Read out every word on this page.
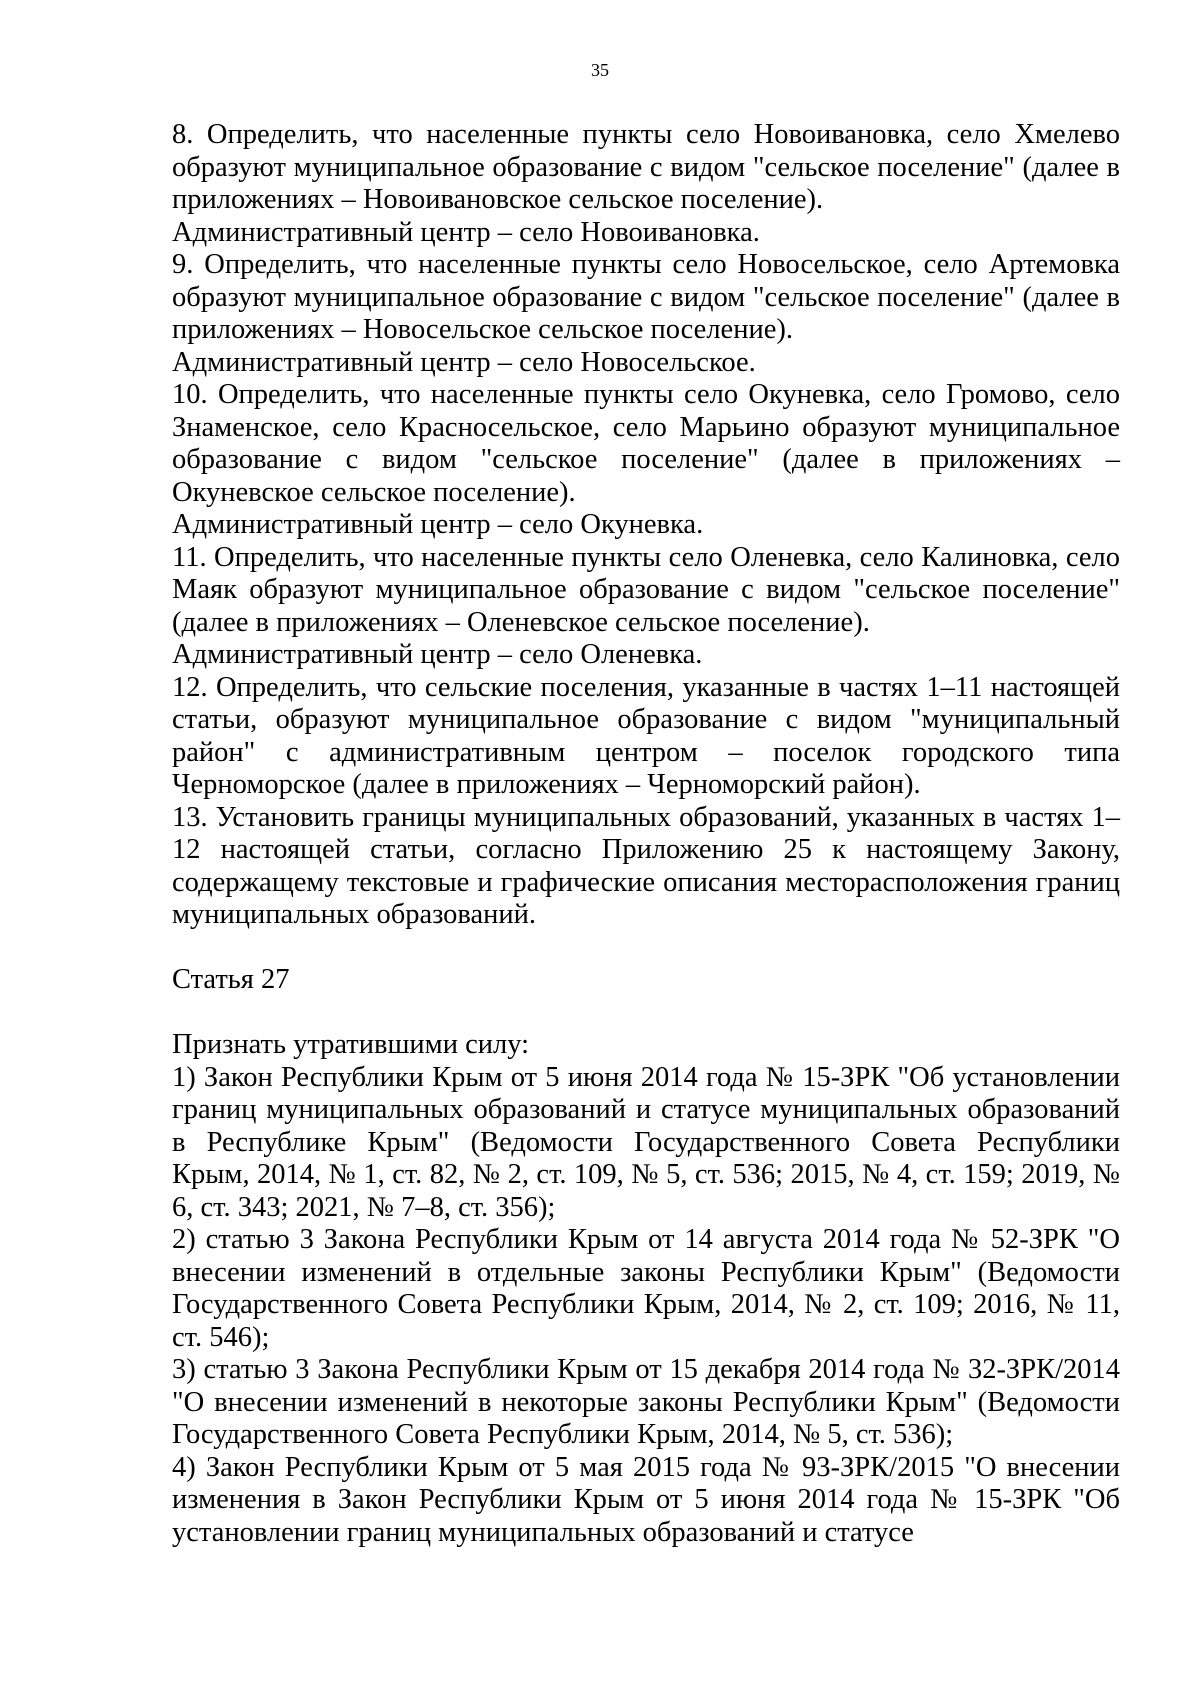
35

8. Определить, что населенные пункты село Новоивановка, село Хмелево образуют муниципальное образование с видом "сельское поселение" (далее в приложениях – Новоивановское сельское поселение).

Административный центр – село Новоивановка.

9. Определить, что населенные пункты село Новосельское, село Артемовка образуют муниципальное образование с видом "сельское поселение" (далее в приложениях – Новосельское сельское поселение).

Административный центр – село Новосельское.

10. Определить, что населенные пункты село Окуневка, село Громово, село Знаменское, село Красносельское, село Марьино образуют муниципальное образование с видом "сельское поселение" (далее в приложениях – Окуневское сельское поселение).

Административный центр – село Окуневка.

11. Определить, что населенные пункты село Оленевка, село Калиновка, село Маяк образуют муниципальное образование с видом "сельское поселение" (далее в приложениях – Оленевское сельское поселение).

Административный центр – село Оленевка.

12. Определить, что сельские поселения, указанные в частях 1–11 настоящей статьи, образуют муниципальное образование с видом "муниципальный район" с административным центром – поселок городского типа Черноморское (далее в приложениях – Черноморский район).

13. Установить границы муниципальных образований, указанных в частях 1–12 настоящей статьи, согласно Приложению 25 к настоящему Закону, содержащему текстовые и графические описания месторасположения границ муниципальных образований.

Статья 27

Признать утратившими силу:

1) Закон Республики Крым от 5 июня 2014 года № 15-ЗРК "Об установлении границ муниципальных образований и статусе муниципальных образований в Республике Крым" (Ведомости Государственного Совета Республики Крым, 2014, № 1, ст. 82, № 2, ст. 109, № 5, ст. 536; 2015, № 4, ст. 159; 2019, № 6, ст. 343; 2021, № 7–8, ст. 356);

2) статью 3 Закона Республики Крым от 14 августа 2014 года № 52-ЗРК "О внесении изменений в отдельные законы Республики Крым" (Ведомости Государственного Совета Республики Крым, 2014, № 2, ст. 109; 2016, № 11, ст. 546);

3) статью 3 Закона Республики Крым от 15 декабря 2014 года № 32-ЗРК/2014 "О внесении изменений в некоторые законы Республики Крым" (Ведомости Государственного Совета Республики Крым, 2014, № 5, ст. 536);

4) Закон Республики Крым от 5 мая 2015 года № 93-ЗРК/2015 "О внесении изменения в Закон Республики Крым от 5 июня 2014 года № 15-ЗРК "Об установлении границ муниципальных образований и статусе
